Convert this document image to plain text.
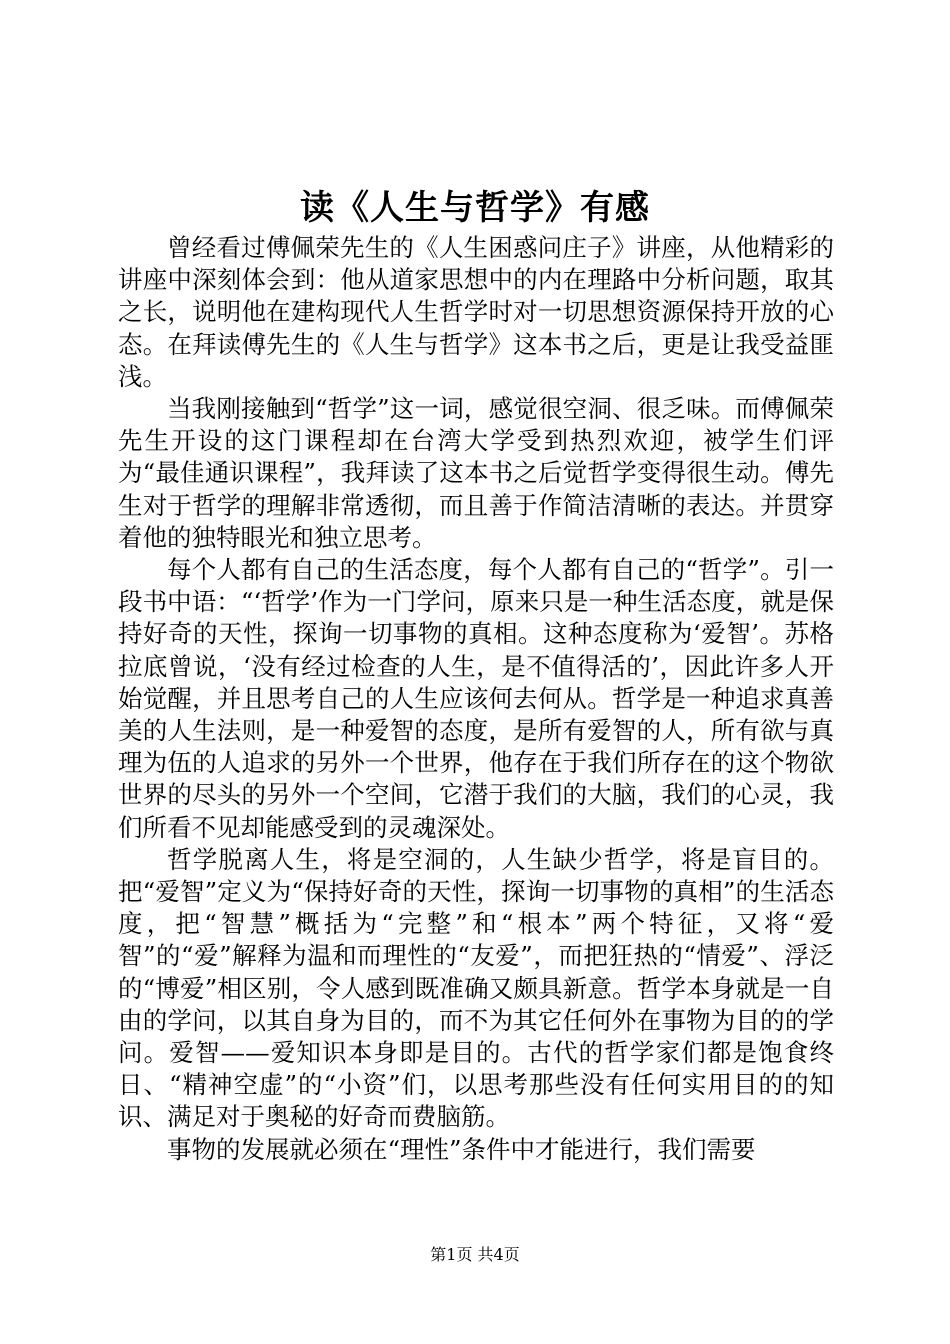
读《人生与哲学》有感

曾经看过傅佩荣先生的《人生困惑问庄子》讲座，从他精彩的讲座中深刻体会到：他从道家思想中的内在理路中分析问题，取其之长，说明他在建构现代人生哲学时对一切思想资源保持开放的心态。在拜读傅先生的《人生与哲学》这本书之后，更是让我受益匪浅。

当我刚接触到“哲学”这一词，感觉很空洞、很乏味。而傅佩荣先生开设的这门课程却在台湾大学受到热烈欢迎，被学生们评为“最佳通识课程”，我拜读了这本书之后觉哲学变得很生动。傅先生对于哲学的理解非常透彻，而且善于作简洁清晰的表达。并贯穿着他的独特眼光和独立思考。

每个人都有自己的生活态度，每个人都有自己的“哲学”。引一段书中语：“‘哲学’作为一门学问，原来只是一种生活态度，就是保持好奇的天性，探询一切事物的真相。这种态度称为‘爱智’。苏格拉底曾说，‘没有经过检查的人生，是不值得活的’，因此许多人开始觉醒，并且思考自己的人生应该何去何从。哲学是一种追求真善美的人生法则，是一种爱智的态度，是所有爱智的人，所有欲与真理为伍的人追求的另外一个世界，他存在于我们所存在的这个物欲世界的尽头的另外一个空间，它潜于我们的大脑，我们的心灵，我们所看不见却能感受到的灵魂深处。

哲学脱离人生，将是空洞的，人生缺少哲学，将是盲目的。把“爱智”定义为“保持好奇的天性，探询一切事物的真相”的生活态度，把“智慧”概括为“完整”和“根本”两个特征，又将“爱智”的“爱”解释为温和而理性的“友爱”，而把狂热的“情爱”、浮泛的“博爱”相区别，令人感到既准确又颇具新意。哲学本身就是一自由的学问，以其自身为目的，而不为其它任何外在事物为目的的学问。爱智——爱知识本身即是目的。古代的哲学家们都是饱食终日、“精神空虚”的“小资”们，以思考那些没有任何实用目的的知识、满足对于奥秘的好奇而费脑筋。

事物的发展就必须在“理性”条件中才能进行，我们需要

第1页 共4页
